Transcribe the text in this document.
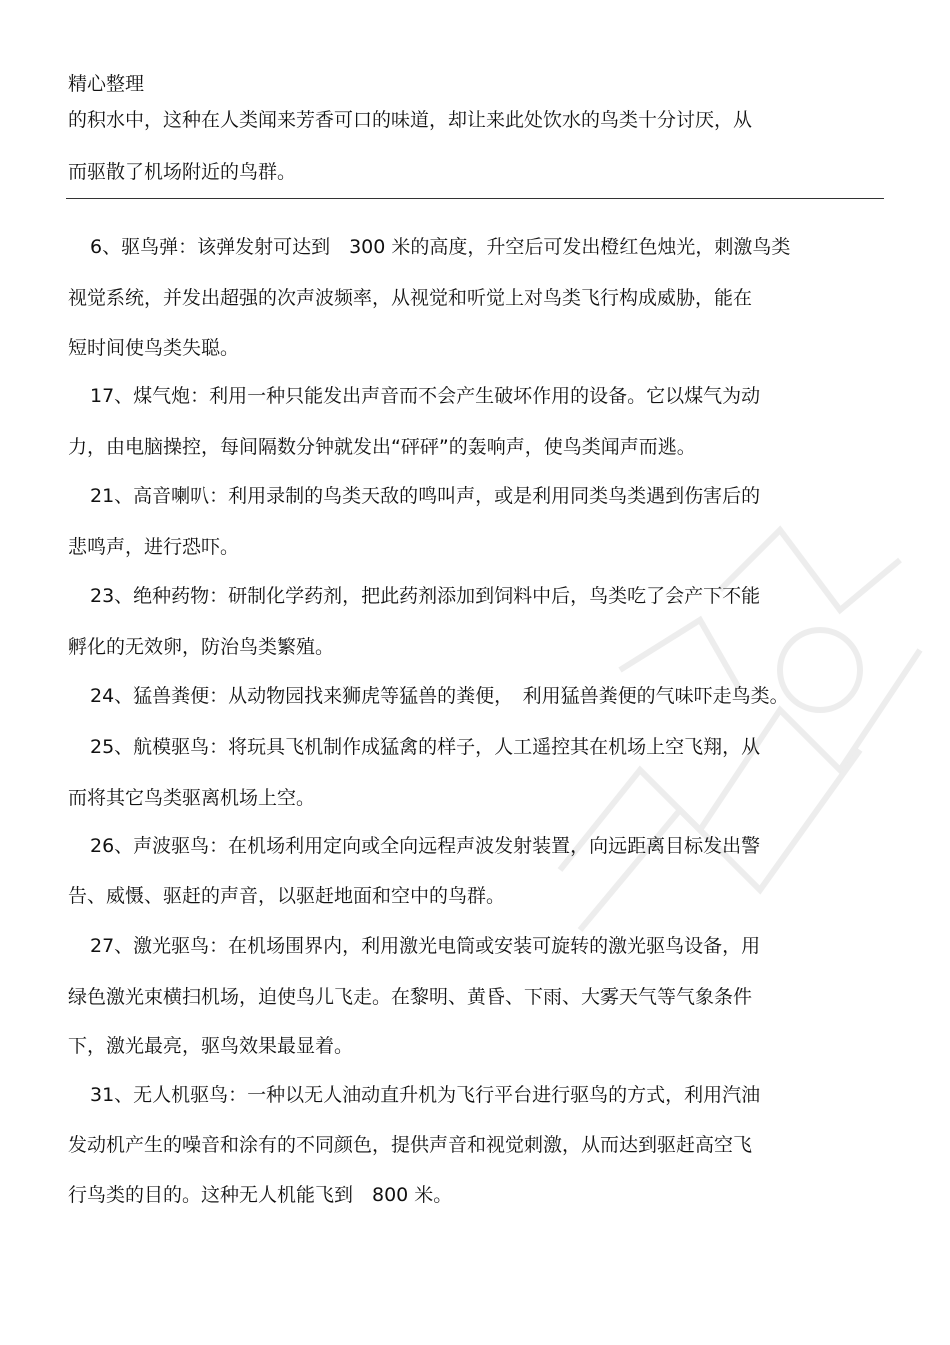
精心整理
的积水中，这种在人类闻来芳香可口的味道，却让来此处饮水的鸟类十分讨厌，从
而驱散了机场附近的鸟群。
6、驱鸟弹：该弹发射可达到　300 米的高度，升空后可发出橙红色烛光，刺激鸟类
视觉系统，并发出超强的次声波频率，从视觉和听觉上对鸟类飞行构成威胁，能在
短时间使鸟类失聪。
17、煤气炮：利用一种只能发出声音而不会产生破坏作用的设备。它以煤气为动
力，由电脑操控，每间隔数分钟就发出“砰砰”的轰响声，使鸟类闻声而逃。
21、高音喇叭：利用录制的鸟类天敌的鸣叫声，或是利用同类鸟类遇到伤害后的
悲鸣声，进行恐吓。
23、绝种药物：研制化学药剂，把此药剂添加到饲料中后，鸟类吃了会产下不能
孵化的无效卵，防治鸟类繁殖。
24、猛兽粪便：从动物园找来狮虎等猛兽的粪便，　利用猛兽粪便的气味吓走鸟类。
25、航模驱鸟：将玩具飞机制作成猛禽的样子，人工遥控其在机场上空飞翔，从
而将其它鸟类驱离机场上空。
26、声波驱鸟：在机场利用定向或全向远程声波发射装置，向远距离目标发出警
告、威慑、驱赶的声音，以驱赶地面和空中的鸟群。
27、激光驱鸟：在机场围界内，利用激光电筒或安装可旋转的激光驱鸟设备，用
绿色激光束横扫机场，迫使鸟儿飞走。在黎明、黄昏、下雨、大雾天气等气象条件
下，激光最亮，驱鸟效果最显着。
31、无人机驱鸟：一种以无人油动直升机为飞行平台进行驱鸟的方式，利用汽油
发动机产生的噪音和涂有的不同颜色，提供声音和视觉刺激，从而达到驱赶高空飞
行鸟类的目的。这种无人机能飞到　800 米。
